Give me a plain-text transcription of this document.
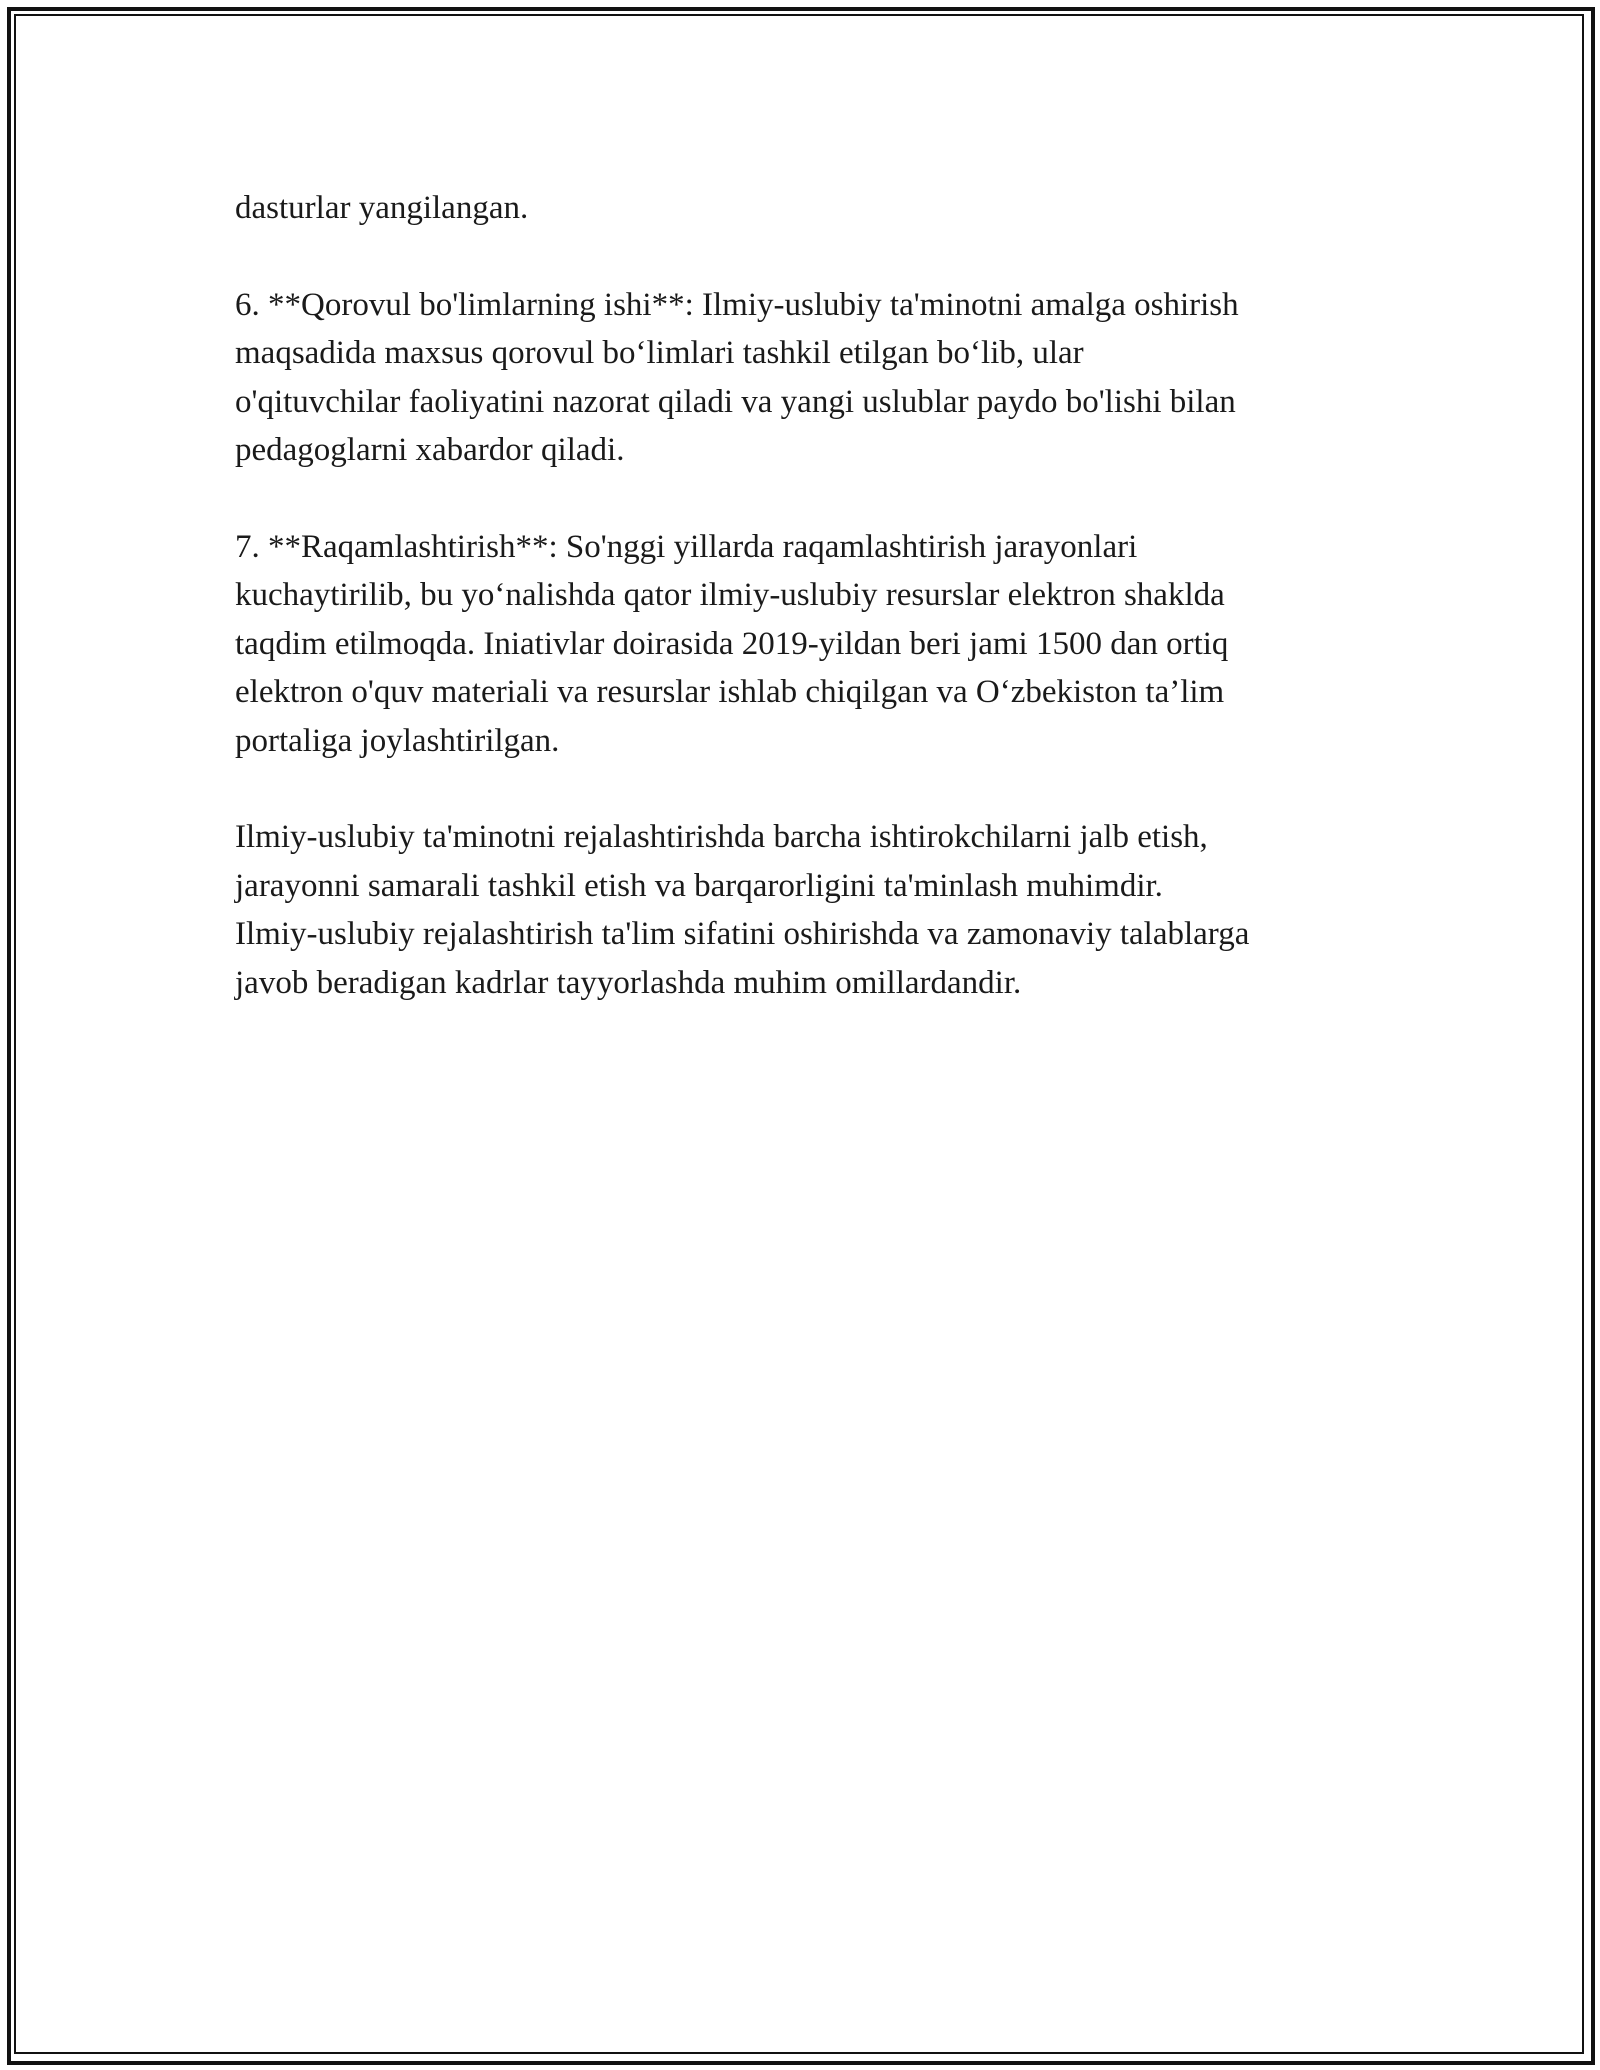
dasturlar yangilangan.

6. **Qorovul bo'limlarning ishi**: Ilmiy-uslubiy ta'minotni amalga oshirish
maqsadida maxsus qorovul bo‘limlari tashkil etilgan bo‘lib, ular
o'qituvchilar faoliyatini nazorat qiladi va yangi uslublar paydo bo'lishi bilan
pedagoglarni xabardor qiladi.

7. **Raqamlashtirish**: So'nggi yillarda raqamlashtirish jarayonlari
kuchaytirilib, bu yo‘nalishda qator ilmiy-uslubiy resurslar elektron shaklda
taqdim etilmoqda. Iniativlar doirasida 2019-yildan beri jami 1500 dan ortiq
elektron o'quv materiali va resurslar ishlab chiqilgan va O‘zbekiston ta’lim
portaliga joylashtirilgan.

Ilmiy-uslubiy ta'minotni rejalashtirishda barcha ishtirokchilarni jalb etish,
jarayonni samarali tashkil etish va barqarorligini ta'minlash muhimdir.
Ilmiy-uslubiy rejalashtirish ta'lim sifatini oshirishda va zamonaviy talablarga
javob beradigan kadrlar tayyorlashda muhim omillardandir.
